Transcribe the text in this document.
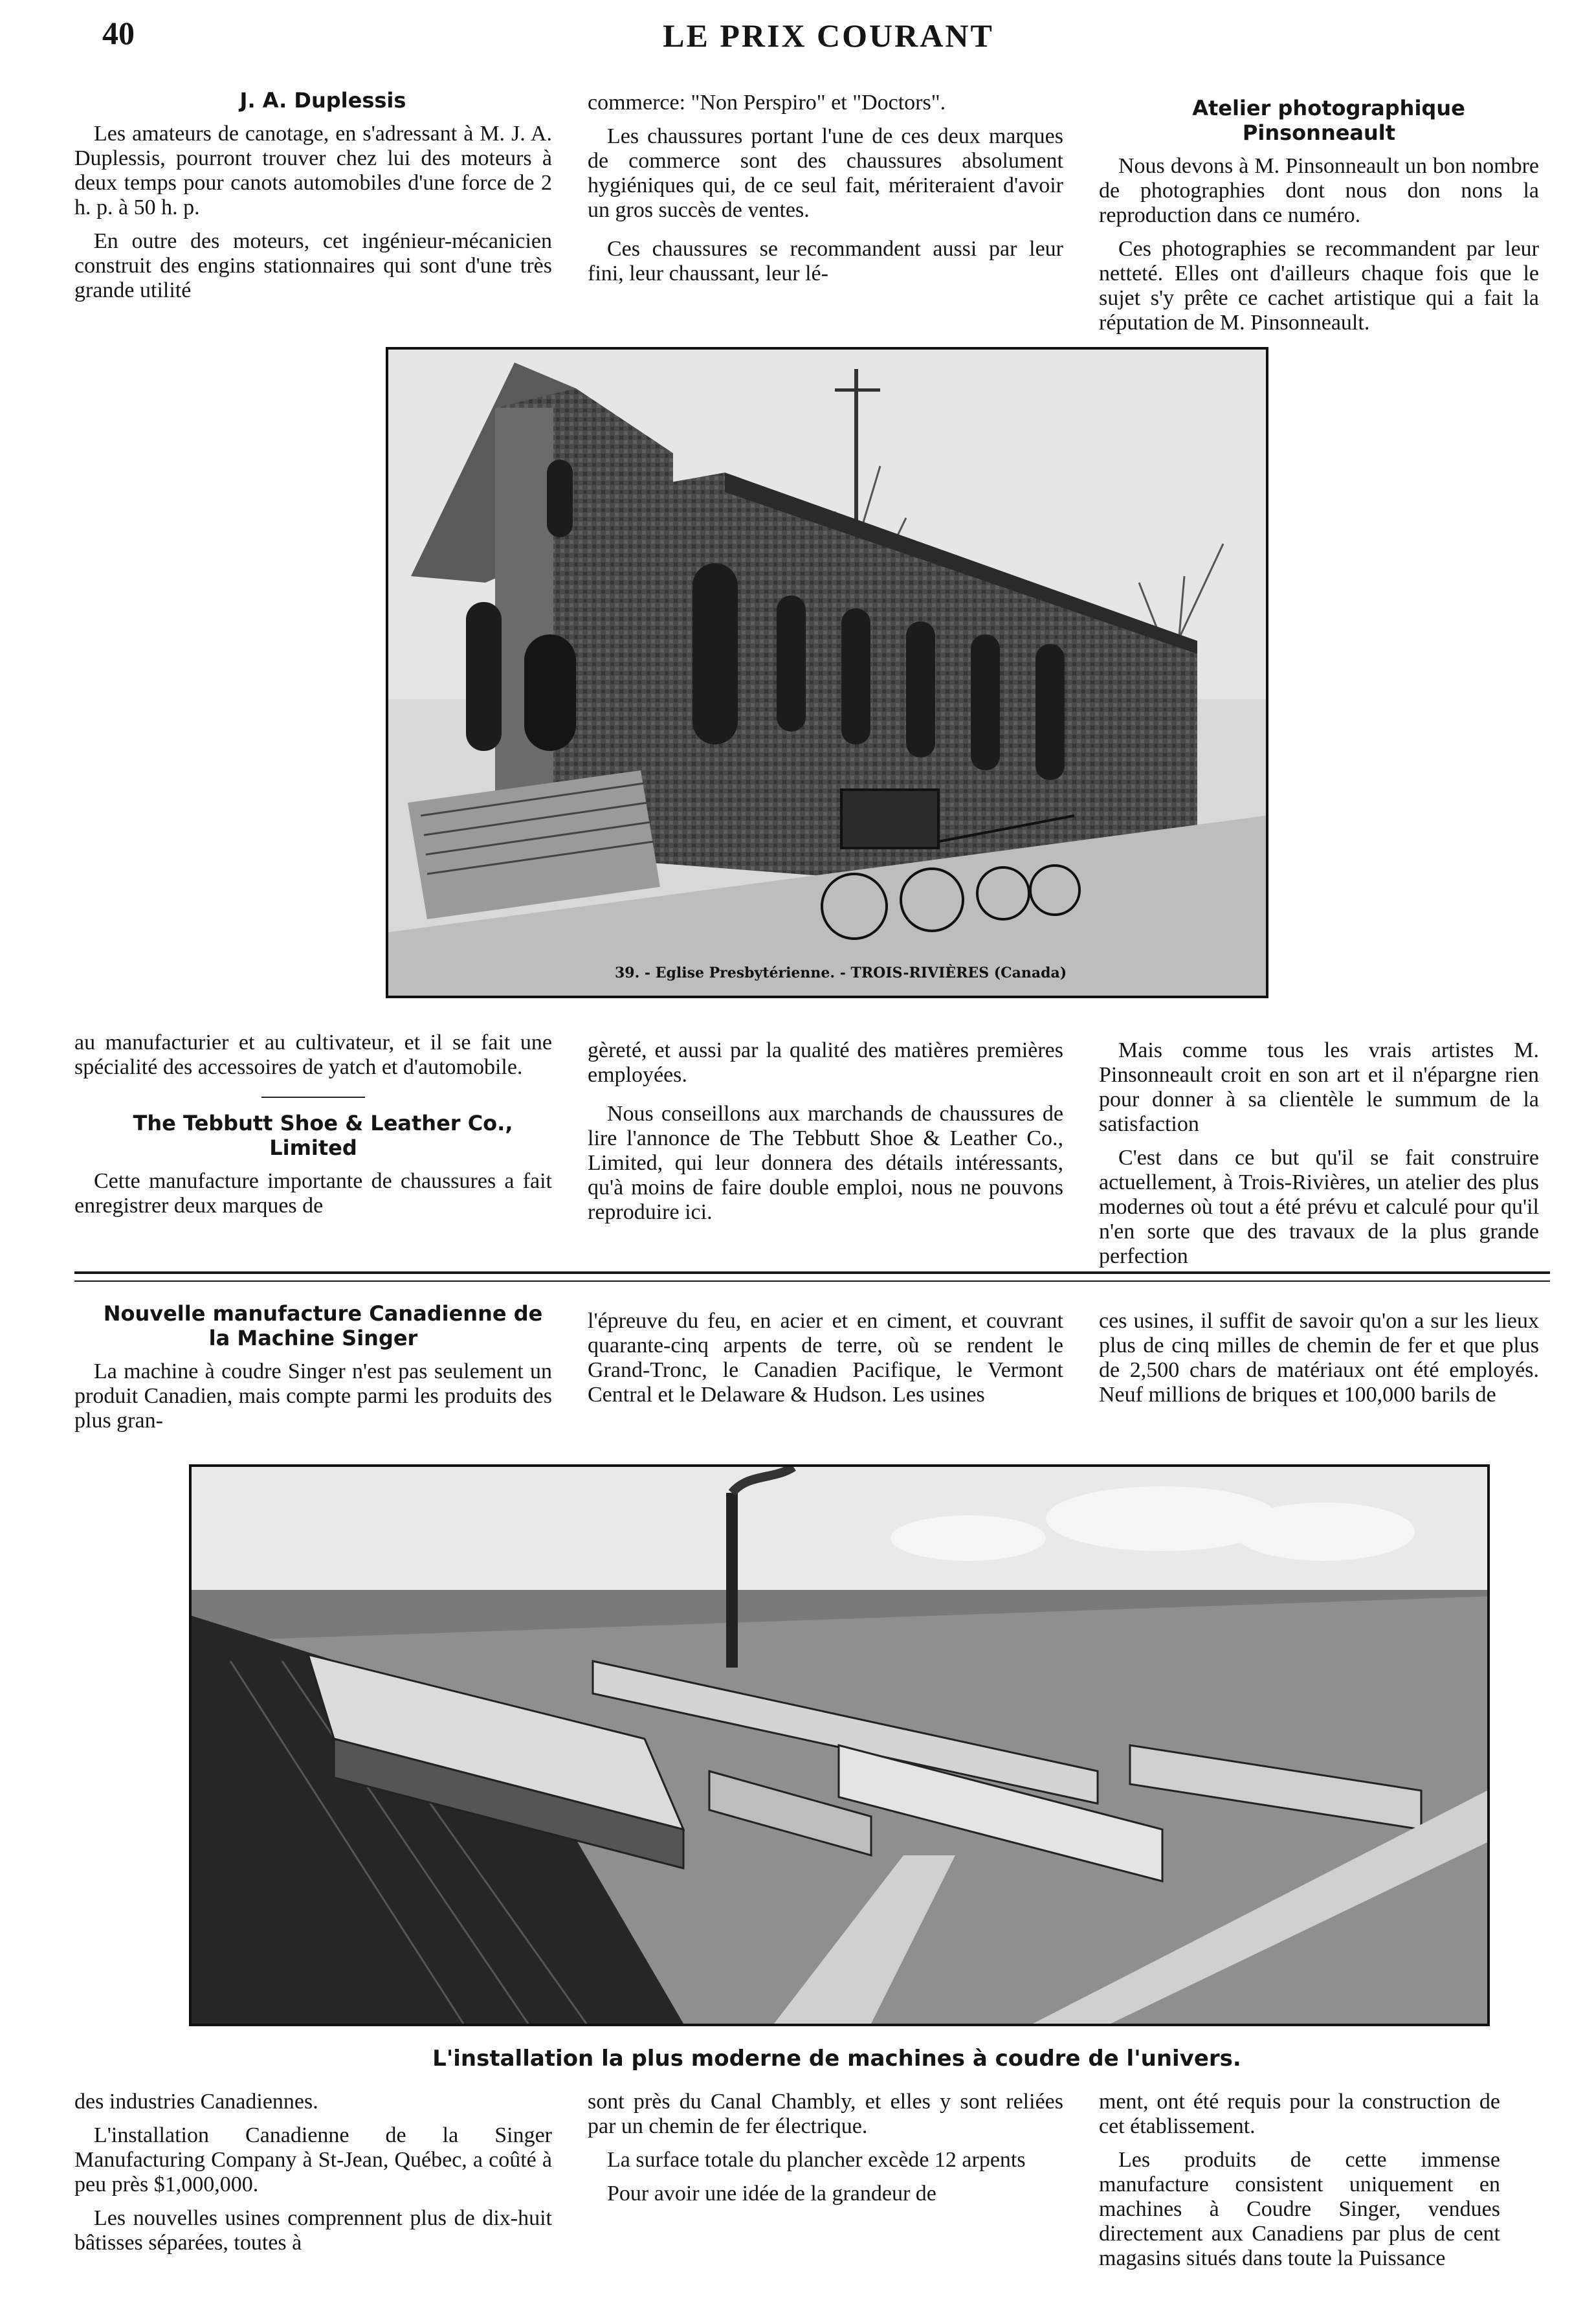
40	LE PRIX COURANT

J. A. Duplessis

Les amateurs de canotage, en s'adressant à M. J. A. Duplessis, pourront trouver chez lui des moteurs à deux temps pour canots automobiles d'une force de 2 h. p. à 50 h. p.

En outre des moteurs, cet ingénieur-mécanicien construit des engins stationnaires qui sont d'une très grande utilité

commerce: "Non Perspiro" et "Doctors".

Les chaussures portant l'une de ces deux marques de commerce sont des chaussures absolument hygiéniques qui, de ce seul fait, mériteraient d'avoir un gros succès de ventes.

Ces chaussures se recommandent aussi par leur fini, leur chaussant, leur lé-

Atelier photographique Pinsonneault

Nous devons à M. Pinsonneault un bon nombre de photographies dont nous don nons la reproduction dans ce numéro.

Ces photographies se recommandent par leur netteté. Elles ont d'ailleurs chaque fois que le sujet s'y prête ce cachet artistique qui a fait la réputation de M. Pinsonneault.

39. - Eglise Presbytérienne. - TROIS-RIVIÈRES (Canada)

au manufacturier et au cultivateur, et il se fait une spécialité des accessoires de yatch et d'automobile.

The Tebbutt Shoe & Leather Co., Limited

Cette manufacture importante de chaussures a fait enregistrer deux marques de

gèreté, et aussi par la qualité des matières premières employées.

Nous conseillons aux marchands de chaussures de lire l'annonce de The Tebbutt Shoe & Leather Co., Limited, qui leur donnera des détails intéressants, qu'à moins de faire double emploi, nous ne pouvons reproduire ici.

Mais comme tous les vrais artistes M. Pinsonneault croit en son art et il n'épargne rien pour donner à sa clientèle le summum de la satisfaction

C'est dans ce but qu'il se fait construire actuellement, à Trois-Rivières, un atelier des plus modernes où tout a été prévu et calculé pour qu'il n'en sorte que des travaux de la plus grande perfection

Nouvelle manufacture Canadienne de la Machine Singer

La machine à coudre Singer n'est pas seulement un produit Canadien, mais compte parmi les produits des plus gran-

l'épreuve du feu, en acier et en ciment, et couvrant quarante-cinq arpents de terre, où se rendent le Grand-Tronc, le Canadien Pacifique, le Vermont Central et le Delaware & Hudson. Les usines

ces usines, il suffit de savoir qu'on a sur les lieux plus de cinq milles de chemin de fer et que plus de 2,500 chars de matériaux ont été employés. Neuf millions de briques et 100,000 barils de

L'installation la plus moderne de machines à coudre de l'univers.

des industries Canadiennes.

L'installation Canadienne de la Singer Manufacturing Company à St-Jean, Québec, a coûté à peu près $1,000,000.

Les nouvelles usines comprennent plus de dix-huit bâtisses séparées, toutes à

sont près du Canal Chambly, et elles y sont reliées par un chemin de fer électrique.

La surface totale du plancher excède 12 arpents

Pour avoir une idée de la grandeur de

ment, ont été requis pour la construction de cet établissement.

Les produits de cette immense manufacture consistent uniquement en machines à Coudre Singer, vendues directement aux Canadiens par plus de cent magasins situés dans toute la Puissance
